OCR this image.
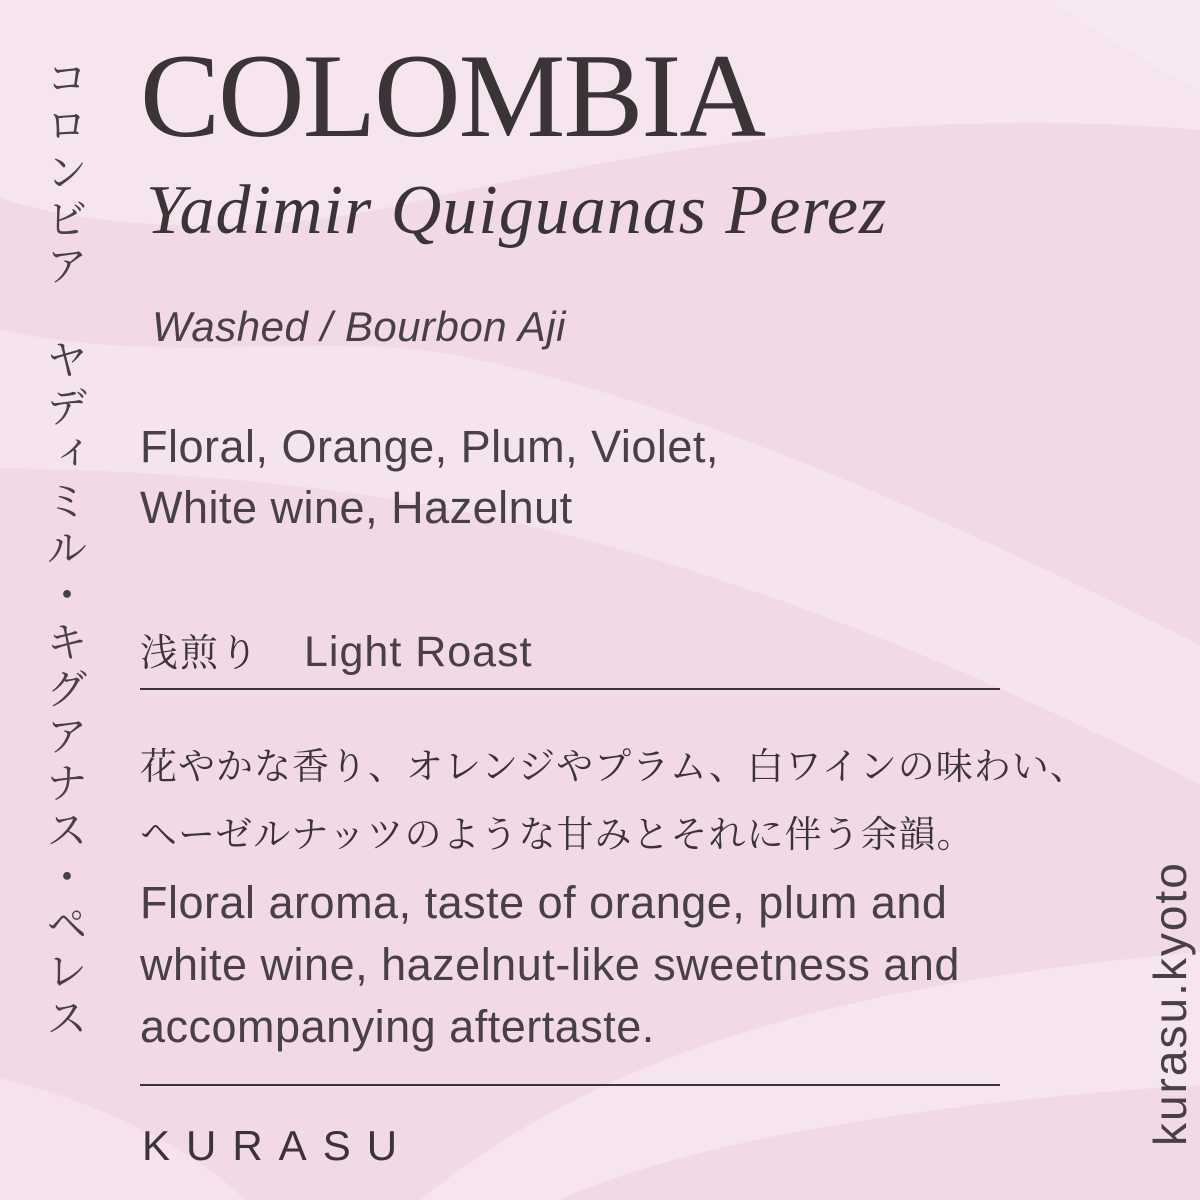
コロンビア　ヤディミル・キグアナス・ペレス COLOMBIA
Yadimir Quiguanas Perez
Washed / Bourbon Aji
Floral, Orange, Plum, Violet,
White wine, Hazelnut
浅煎り Light Roast
花やかな香り、オレンジやプラム、白ワインの味わい、
ヘーゼルナッツのような甘みとそれに伴う余韻。
Floral aroma, taste of orange, plum and
white wine, hazelnut-like sweetness and
accompanying aftertaste.
KURASU	kurasu.kyoto
